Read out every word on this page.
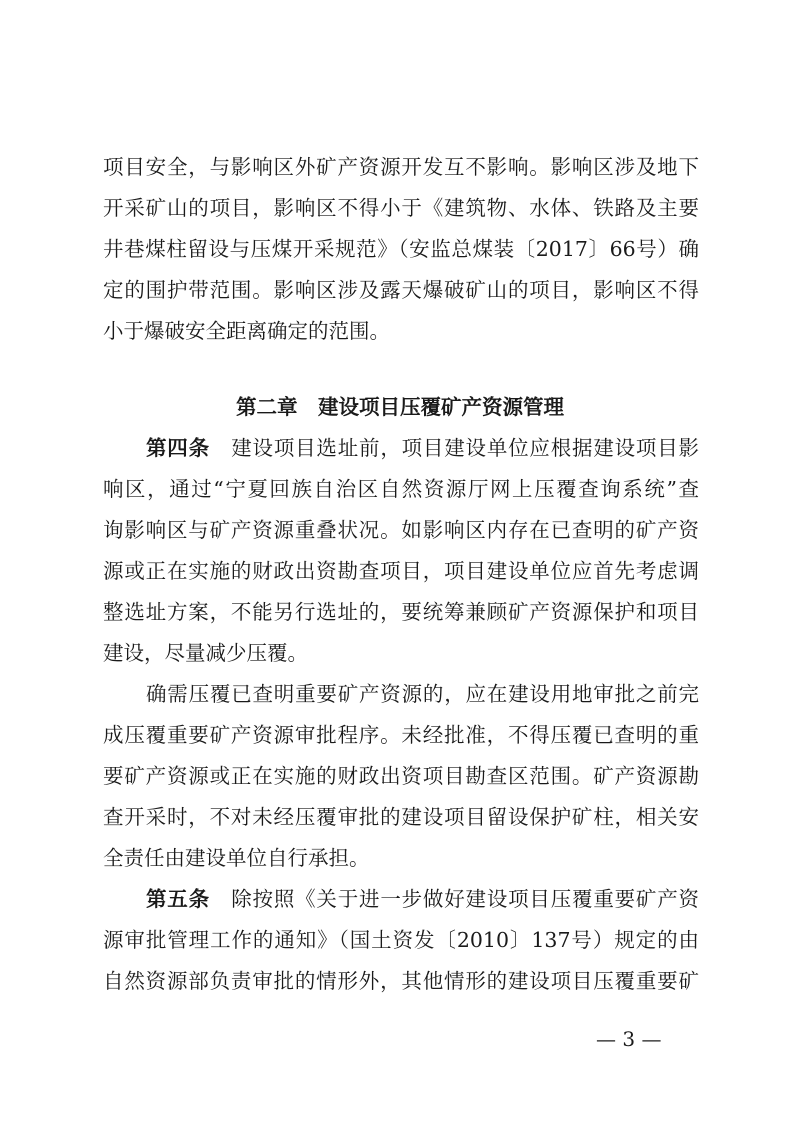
项目安全，与影响区外矿产资源开发互不影响。影响区涉及地下

开采矿山的项目，影响区不得小于《建筑物、水体、铁路及主要

井巷煤柱留设与压煤开采规范》（安监总煤装〔2017〕66号）确

定的围护带范围。影响区涉及露天爆破矿山的项目，影响区不得

小于爆破安全距离确定的范围。

第二章　建设项目压覆矿产资源管理

第四条　 建设项目选址前，项目建设单位应根据建设项目影

响区，通过“宁夏回族自治区自然资源厅网上压覆查询系统”查

询影响区与矿产资源重叠状况。如影响区内存在已查明的矿产资

源或正在实施的财政出资勘查项目，项目建设单位应首先考虑调

整选址方案，不能另行选址的，要统筹兼顾矿产资源保护和项目

建设，尽量减少压覆。

确需压覆已查明重要矿产资源的，应在建设用地审批之前完

成压覆重要矿产资源审批程序。未经批准，不得压覆已查明的重

要矿产资源或正在实施的财政出资项目勘查区范围。矿产资源勘

查开采时，不对未经压覆审批的建设项目留设保护矿柱，相关安

全责任由建设单位自行承担。

第五条　 除按照《关于进一步做好建设项目压覆重要矿产资

源审批管理工作的通知》（国土资发〔2010〕137号）规定的由

自然资源部负责审批的情形外，其他情形的建设项目压覆重要矿

— 3 —
